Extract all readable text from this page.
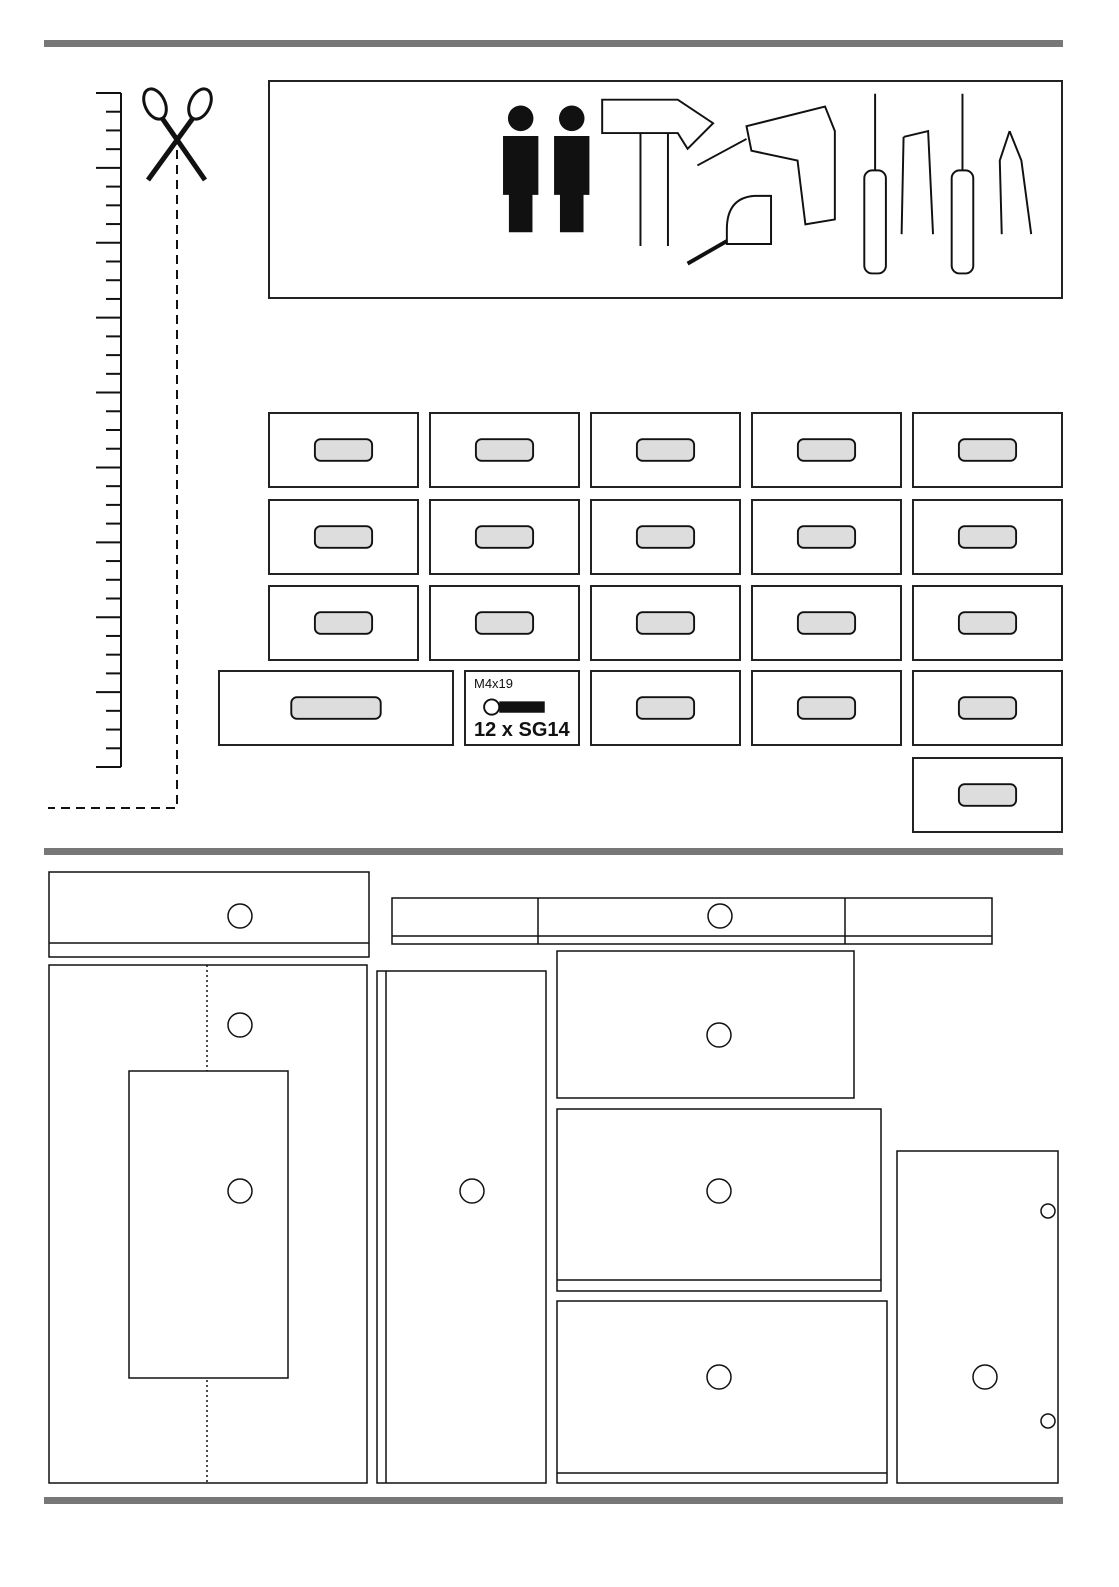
M4x19
12 x SG14
